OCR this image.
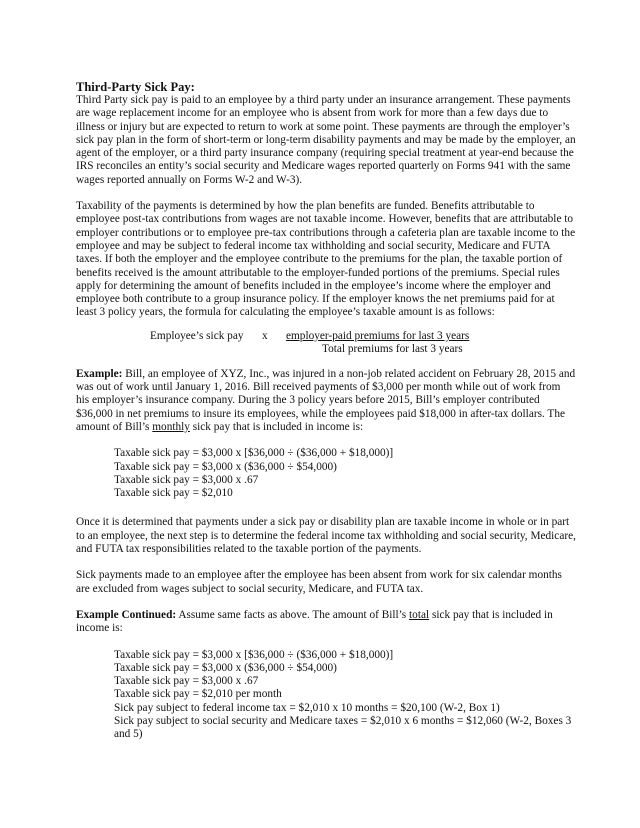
Third-Party Sick Pay:

Third Party sick pay is paid to an employee by a third party under an insurance arrangement. These payments are wage replacement income for an employee who is absent from work for more than a few days due to illness or injury but are expected to return to work at some point. These payments are through the employer’s sick pay plan in the form of short-term or long-term disability payments and may be made by the employer, an agent of the employer, or a third party insurance company (requiring special treatment at year-end because the IRS reconciles an entity’s social security and Medicare wages reported quarterly on Forms 941 with the same wages reported annually on Forms W-2 and W-3).

Taxability of the payments is determined by how the plan benefits are funded. Benefits attributable to employee post-tax contributions from wages are not taxable income. However, benefits that are attributable to employer contributions or to employee pre-tax contributions through a cafeteria plan are taxable income to the employee and may be subject to federal income tax withholding and social security, Medicare and FUTA taxes. If both the employer and the employee contribute to the premiums for the plan, the taxable portion of benefits received is the amount attributable to the employer-funded portions of the premiums. Special rules apply for determining the amount of benefits included in the employee’s income where the employer and employee both contribute to a group insurance policy. If the employer knows the net premiums paid for at least 3 policy years, the formula for calculating the employee’s taxable amount is as follows:

Employee’s sick pay x employer-paid premiums for last 3 years
Total premiums for last 3 years

Example: Bill, an employee of XYZ, Inc., was injured in a non-job related accident on February 28, 2015 and was out of work until January 1, 2016. Bill received payments of $3,000 per month while out of work from his employer’s insurance company. During the 3 policy years before 2015, Bill’s employer contributed $36,000 in net premiums to insure its employees, while the employees paid $18,000 in after-tax dollars. The amount of Bill’s monthly sick pay that is included in income is:

Taxable sick pay = $3,000 x [$36,000 ÷ ($36,000 + $18,000)]

Taxable sick pay = $3,000 x ($36,000 ÷ $54,000)

Taxable sick pay = $3,000 x .67

Taxable sick pay = $2,010

Once it is determined that payments under a sick pay or disability plan are taxable income in whole or in part to an employee, the next step is to determine the federal income tax withholding and social security, Medicare, and FUTA tax responsibilities related to the taxable portion of the payments.

Sick payments made to an employee after the employee has been absent from work for six calendar months are excluded from wages subject to social security, Medicare, and FUTA tax.

Example Continued: Assume same facts as above. The amount of Bill’s total sick pay that is included in income is:

Taxable sick pay = $3,000 x [$36,000 ÷ ($36,000 + $18,000)]

Taxable sick pay = $3,000 x ($36,000 ÷ $54,000)

Taxable sick pay = $3,000 x .67

Taxable sick pay = $2,010 per month

Sick pay subject to federal income tax = $2,010 x 10 months = $20,100 (W-2, Box 1)

Sick pay subject to social security and Medicare taxes = $2,010 x 6 months = $12,060 (W-2, Boxes 3 and 5)
